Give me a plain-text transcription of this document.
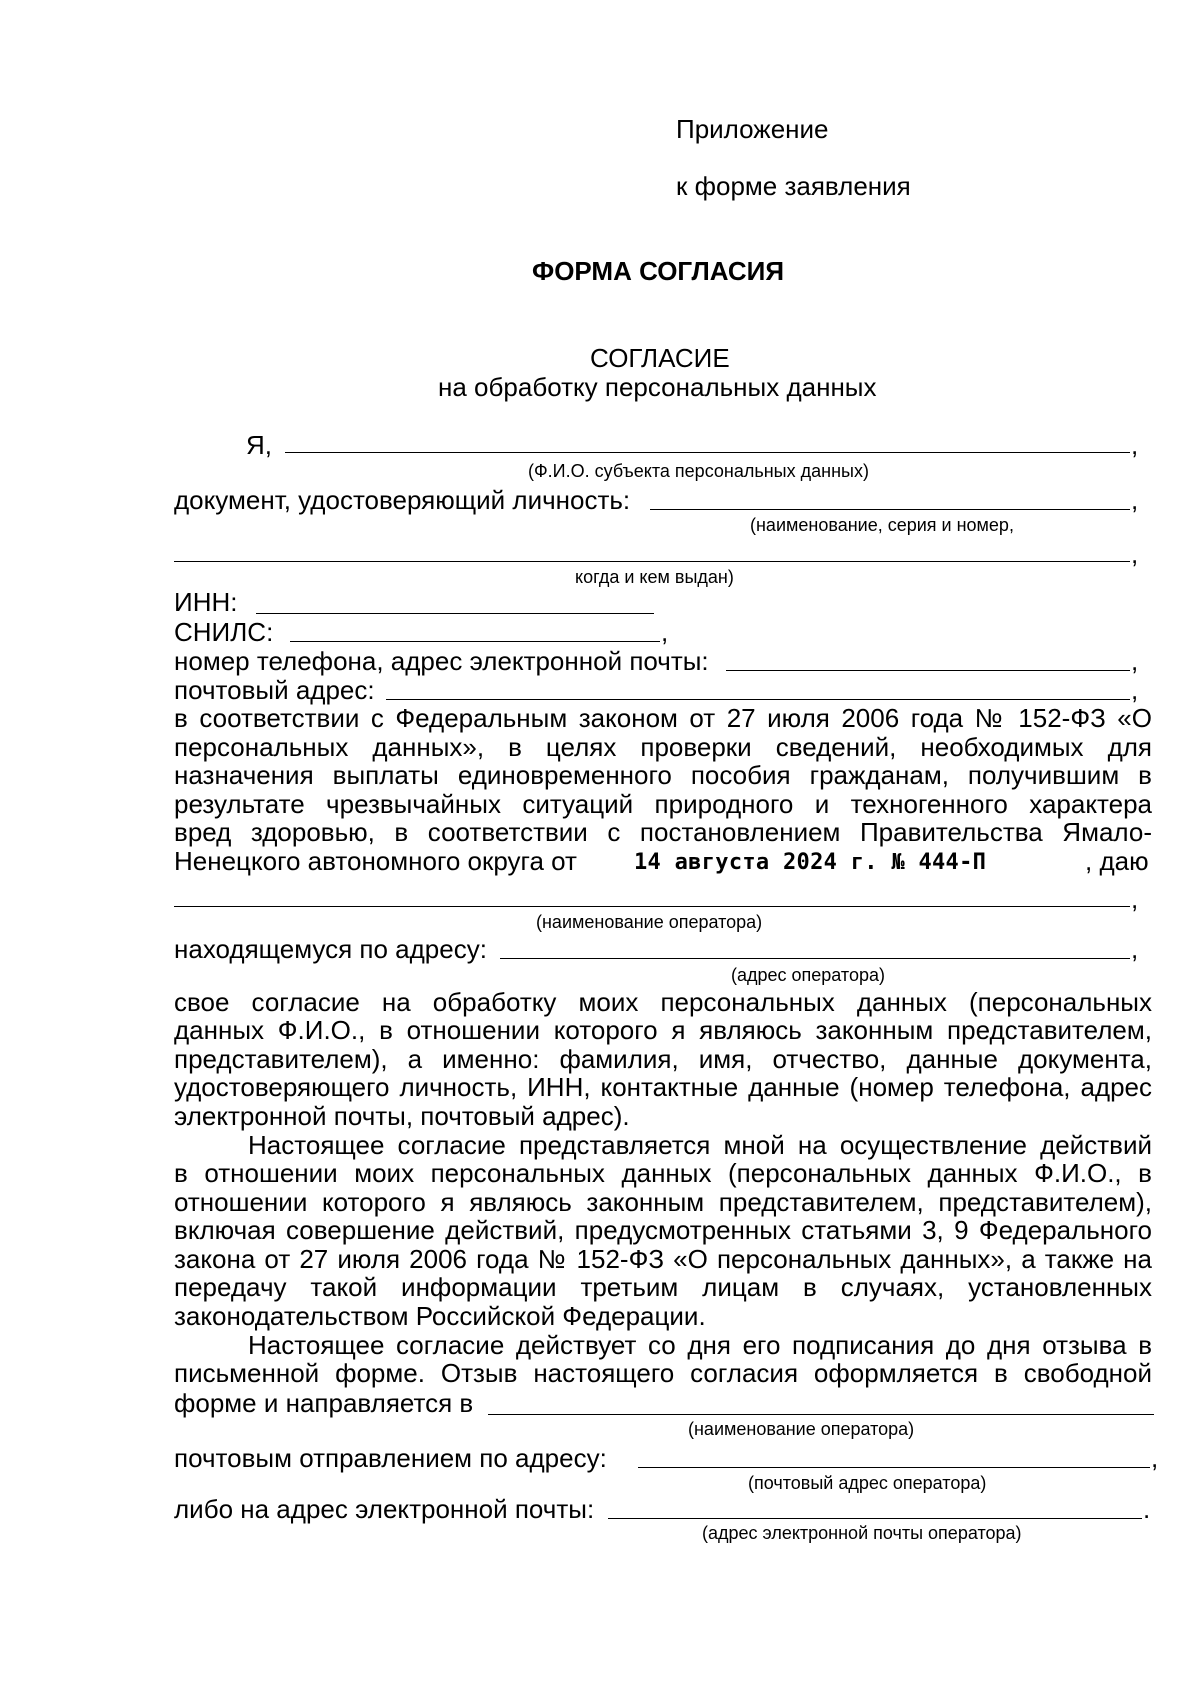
Приложение
к форме заявления
ФОРМА СОГЛАСИЯ
СОГЛАСИЕ
на обработку персональных данных
Я,	,
(Ф.И.О. субъекта персональных данных)
документ, удостоверяющий личность:	,
(наименование, серия и номер,
,
когда и кем выдан)
ИНН:
СНИЛС:	,
номер телефона, адрес электронной почты:	,
почтовый адрес:	,
в соответствии с Федеральным законом от 27 июля 2006 года № 152-ФЗ «О
персональных данных», в целях проверки сведений, необходимых для
назначения выплаты единовременного пособия гражданам, получившим в
результате чрезвычайных ситуаций природного и техногенного характера
вред здоровью, в соответствии с постановлением Правительства Ямало-
Ненецкого автономного округа от	14 августа 2024 г. № 444-П	, даю
,
(наименование оператора)
находящемуся по адресу:	,
(адрес оператора)
свое согласие на обработку моих персональных данных (персональных
данных Ф.И.О., в отношении которого я являюсь законным представителем,
представителем), а именно: фамилия, имя, отчество, данные документа,
удостоверяющего личность, ИНН, контактные данные (номер телефона, адрес
электронной почты, почтовый адрес).
Настоящее согласие представляется мной на осуществление действий
в отношении моих персональных данных (персональных данных Ф.И.О., в
отношении которого я являюсь законным представителем, представителем),
включая совершение действий, предусмотренных статьями 3, 9 Федерального
закона от 27 июля 2006 года № 152-ФЗ «О персональных данных», а также на
передачу такой информации третьим лицам в случаях, установленных
законодательством Российской Федерации.
Настоящее согласие действует со дня его подписания до дня отзыва в
письменной форме. Отзыв настоящего согласия оформляется в свободной
форме и направляется в
(наименование оператора)
почтовым отправлением по адресу:	,
(почтовый адрес оператора)
либо на адрес электронной почты:	.
(адрес электронной почты оператора)
